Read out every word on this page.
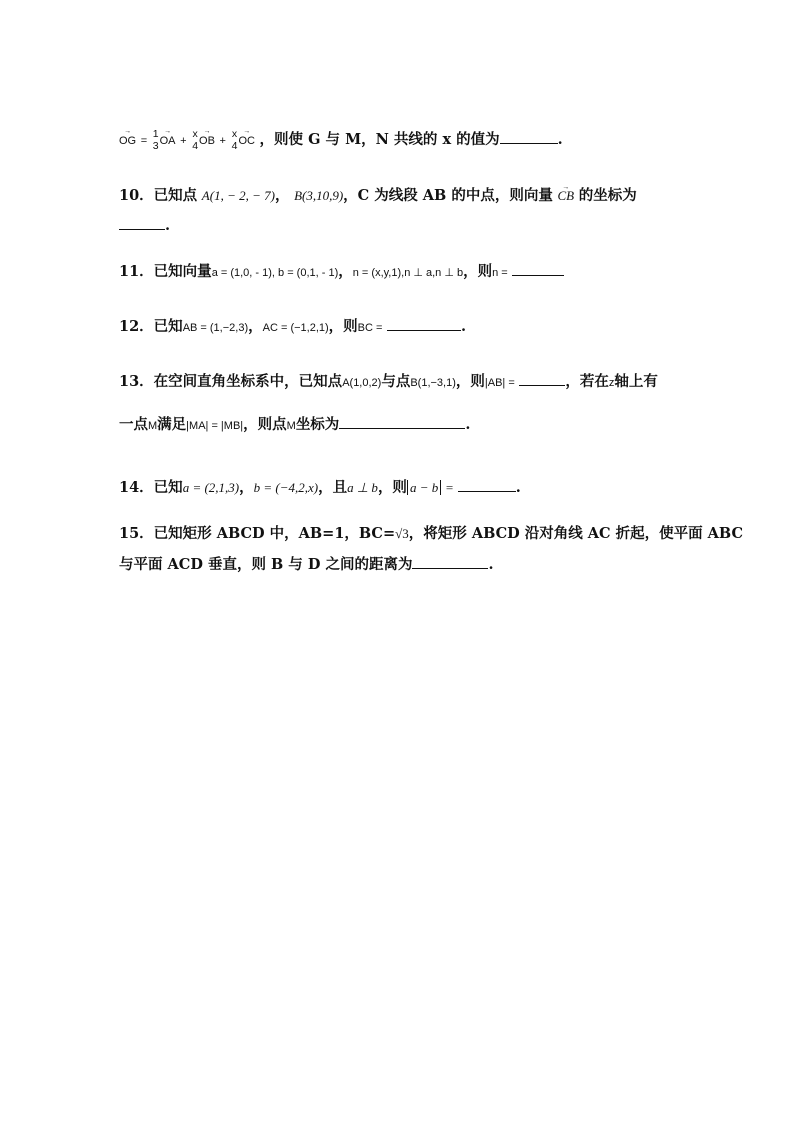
→ OG =
1
3 → OA +
x
4 → OB +
x
4 → OC ，则使 G 与 M，N 共线的 x 的值为	.
10．已知点 A(1, − 2, − 7)， B(3,10,9)，C 为线段 AB 的中点，则向量 → CB 的坐标为
.
11．已知向量a = (1,0, - 1), b = (0,1, - 1)，n = (x,y,1),n ⊥ a,n ⊥ b，则n =
12．已知AB = (1,−2,3)，AC = (−1,2,1)，则BC =	.
13．在空间直角坐标系中，已知点A(1,0,2)与点B(1,−3,1)，则|AB| =	，若在z轴上有
一点M满足|MA| = |MB|，则点M坐标为	.
14．已知a = (2,1,3)，b = (−4,2,x)，且a ⊥ b，则 a − b =	.
15．已知矩形 ABCD 中，AB=1，BC=√3，将矩形 ABCD 沿对角线 AC 折起，使平面 ABC
与平面 ACD 垂直，则 B 与 D 之间的距离为	.
